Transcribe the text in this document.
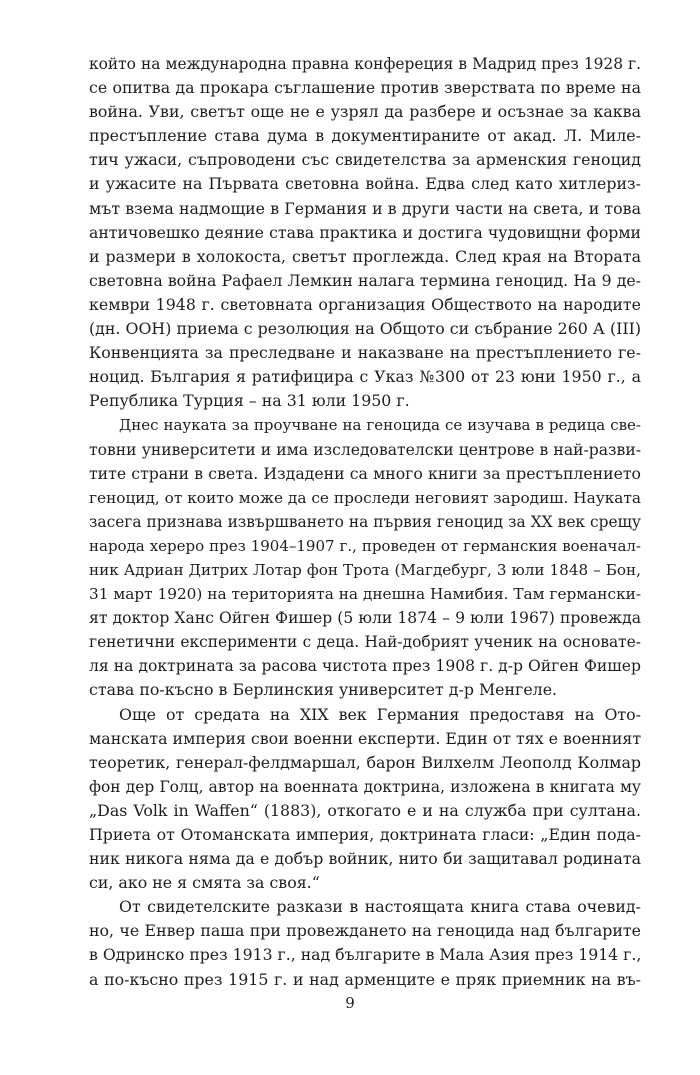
който на международна правна конфереция в Мадрид през 1928 г.
се опитва да прокара съглашение против зверствата по време на
война. Уви, светът още не е узрял да разбере и осъзнае за каква
престъпление става дума в документираните от акад. Л. Миле-
тич ужаси, съпроводени със свидетелства за арменския геноцид
и ужасите на Първата световна война. Едва след като хитлериз-
мът взема надмощие в Германия и в други части на света, и това
античовешко деяние става практика и достига чудовищни форми
и размери в холокоста, светът проглежда. След края на Втората
световна война Рафаел Лемкин налага термина геноцид. На 9 де-
кември 1948 г. световната организация Обществото на народите
(дн. ООН) приема с резолюция на Общото си събрание 260 А (III)
Конвенцията за преследване и наказване на престъплението ге-
ноцид. България я ратифицира с Указ №300 от 23 юни 1950 г., а
Република Турция – на 31 юли 1950 г.
Днес науката за проучване на геноцида се изучава в редица све-
товни университети и има изследователски центрове в най-разви-
тите страни в света. Издадени са много книги за престъплението
геноцид, от които може да се проследи неговият зародиш. Науката
засега признава извършването на първия геноцид за XX век срещу
народа херерo през 1904–1907 г., проведен от германския военачал-
ник Адриан Дитрих Лотар фон Трота (Магдебург, 3 юли 1848 – Бон,
31 март 1920) на територията на днешна Намибия. Там германски-
ят доктор Ханс Ойген Фишер (5 юли 1874 – 9 юли 1967) провежда
генетични експерименти с деца. Най-добрият ученик на основате-
ля на доктрината за расова чистота през 1908 г. д-р Ойген Фишер
става по-късно в Берлинския университет д-р Менгеле.
Още от средата на XIX век Германия предоставя на Ото-
манската империя свои военни експерти. Един от тях е военният
теоретик, генерал-фелдмаршал, барон Вилхелм Леополд Колмар
фон дер Голц, автор на военната доктрина, изложена в книгата му
„Das Volk in Waffen“ (1883), откогато е и на служба при султана.
Приета от Отоманската империя, доктрината гласи: „Един пода-
ник никога няма да е добър войник, нито би защитавал родината
си, ако не я смята за своя.“
От свидетелските разкази в настоящата книга става очевид-
но, че Енвер паша при провеждането на геноцида над българите
в Одринско през 1913 г., над българите в Мала Азия през 1914 г.,
а по-късно през 1915 г. и над арменците е пряк приемник на въ-
9
